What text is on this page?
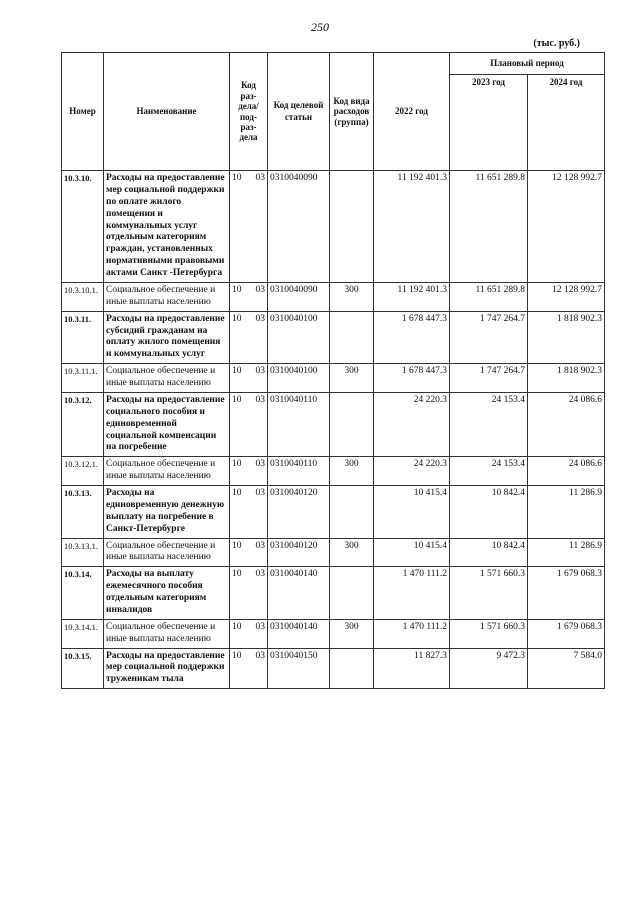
250
(тыс. руб.)
Номер	Наименование	Код раз-дела/ под-раз-дела	Код целевой статьи	Код вида расходов (группа)	2022 год	Плановый период	
						2023 год	2024 год
10.3.10.	Расходы на предоставление мер социальной поддержки по оплате жилого помещения и коммунальных услуг отдельным категориям граждан, установленных нормативными правовыми актами Санкт -Петербурга	10 03	0310040090		11 192 401.3	11 651 289.8	12 128 992.7
10.3.10.1.	Социальное обеспечение и иные выплаты населению	10 03	0310040090	300	11 192 401.3	11 651 289.8	12 128 992.7
10.3.11.	Расходы на предоставление субсидий гражданам на оплату жилого помещения и коммунальных услуг	10 03	0310040100		1 678 447.3	1 747 264.7	1 818 902.3
10.3.11.1.	Социальное обеспечение и иные выплаты населению	10 03	0310040100	300	1 678 447.3	1 747 264.7	1 818 902.3
10.3.12.	Расходы на предоставление социального пособия и единовременной социальной компенсации на погребение	10 03	0310040110		24 220.3	24 153.4	24 086.6
10.3.12.1.	Социальное обеспечение и иные выплаты населению	10 03	0310040110	300	24 220.3	24 153.4	24 086.6
10.3.13.	Расходы на единовременную денежную выплату на погребение в Санкт-Петербурге	10 03	0310040120		10 415.4	10 842.4	11 286.9
10.3.13.1.	Социальное обеспечение и иные выплаты населению	10 03	0310040120	300	10 415.4	10 842.4	11 286.9
10.3.14.	Расходы на выплату ежемесячного пособия отдельным категориям инвалидов	10 03	0310040140		1 470 111.2	1 571 660.3	1 679 068.3
10.3.14.1.	Социальное обеспечение и иные выплаты населению	10 03	0310040140	300	1 470 111.2	1 571 660.3	1 679 068.3
10.3.15.	Расходы на предоставление мер социальной поддержки труженикам тыла	10 03	0310040150		11 827.3	9 472.3	7 584.0
